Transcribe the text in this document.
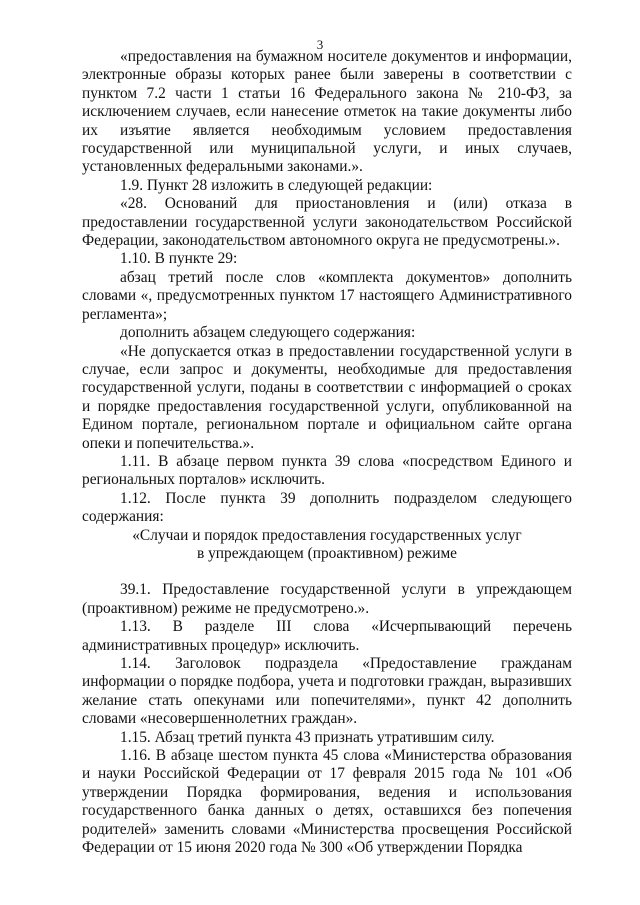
3

«предоставления на бумажном носителе документов и информации, электронные образы которых ранее были заверены в соответствии с пунктом 7.2 части 1 статьи 16 Федерального закона № 210-ФЗ, за исключением случаев, если нанесение отметок на такие документы либо их изъятие является необходимым условием предоставления государственной или муниципальной услуги, и иных случаев, установленных федеральными законами.».

1.9. Пункт 28 изложить в следующей редакции:

«28. Оснований для приостановления и (или) отказа в предоставлении государственной услуги законодательством Российской Федерации, законодательством автономного округа не предусмотрены.».

1.10. В пункте 29:

абзац третий после слов «комплекта документов» дополнить словами «, предусмотренных пунктом 17 настоящего Административного регламента»;

дополнить абзацем следующего содержания:

«Не допускается отказ в предоставлении государственной услуги в случае, если запрос и документы, необходимые для предоставления государственной услуги, поданы в соответствии с информацией о сроках и порядке предоставления государственной услуги, опубликованной на Едином портале, региональном портале и официальном сайте органа опеки и попечительства.».

1.11. В абзаце первом пункта 39 слова «посредством Единого и региональных порталов» исключить.

1.12. После пункта 39 дополнить подразделом следующего содержания:

«Случаи и порядок предоставления государственных услуг

в упреждающем (проактивном) режиме

39.1. Предоставление государственной услуги в упреждающем (проактивном) режиме не предусмотрено.».

1.13. В разделе III слова «Исчерпывающий перечень административных процедур» исключить.

1.14. Заголовок подраздела «Предоставление гражданам информации о порядке подбора, учета и подготовки граждан, выразивших желание стать опекунами или попечителями», пункт 42 дополнить словами «несовершеннолетних граждан».

1.15. Абзац третий пункта 43 признать утратившим силу.

1.16. В абзаце шестом пункта 45 слова «Министерства образования и науки Российской Федерации от 17 февраля 2015 года № 101 «Об утверждении Порядка формирования, ведения и использования государственного банка данных о детях, оставшихся без попечения родителей» заменить словами «Министерства просвещения Российской Федерации от 15 июня 2020 года № 300 «Об утверждении Порядка
